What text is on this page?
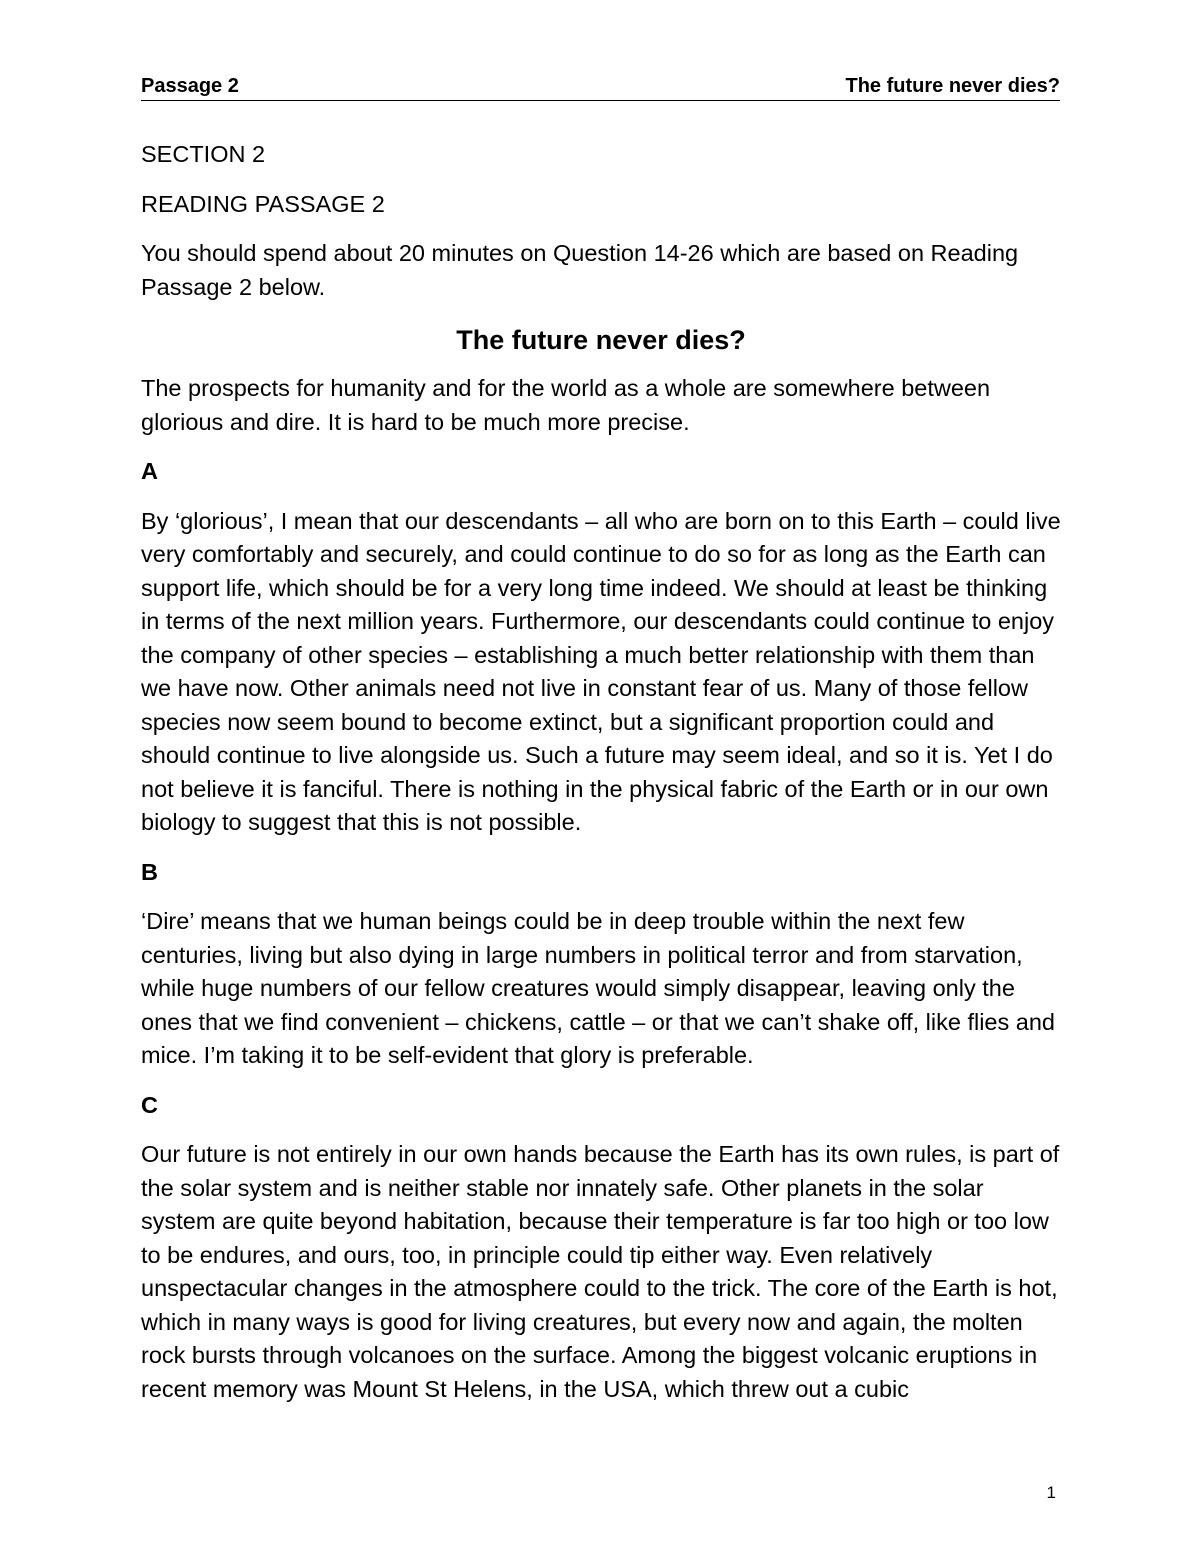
Passage 2	The future never dies?

SECTION 2

READING PASSAGE 2

You should spend about 20 minutes on Question 14-26 which are based on Reading Passage 2 below.

The future never dies?

The prospects for humanity and for the world as a whole are somewhere between glorious and dire. It is hard to be much more precise.

A

By ‘glorious’, I mean that our descendants – all who are born on to this Earth – could live very comfortably and securely, and could continue to do so for as long as the Earth can support life, which should be for a very long time indeed. We should at least be thinking in terms of the next million years. Furthermore, our descendants could continue to enjoy the company of other species – establishing a much better relationship with them than we have now. Other animals need not live in constant fear of us. Many of those fellow species now seem bound to become extinct, but a significant proportion could and should continue to live alongside us. Such a future may seem ideal, and so it is. Yet I do not believe it is fanciful. There is nothing in the physical fabric of the Earth or in our own biology to suggest that this is not possible.

B

‘Dire’ means that we human beings could be in deep trouble within the next few centuries, living but also dying in large numbers in political terror and from starvation, while huge numbers of our fellow creatures would simply disappear, leaving only the ones that we find convenient – chickens, cattle – or that we can’t shake off, like flies and mice. I’m taking it to be self-evident that glory is preferable.

C

Our future is not entirely in our own hands because the Earth has its own rules, is part of the solar system and is neither stable nor innately safe. Other planets in the solar system are quite beyond habitation, because their temperature is far too high or too low to be endures, and ours, too, in principle could tip either way. Even relatively unspectacular changes in the atmosphere could to the trick. The core of the Earth is hot, which in many ways is good for living creatures, but every now and again, the molten rock bursts through volcanoes on the surface. Among the biggest volcanic eruptions in recent memory was Mount St Helens, in the USA, which threw out a cubic

1
